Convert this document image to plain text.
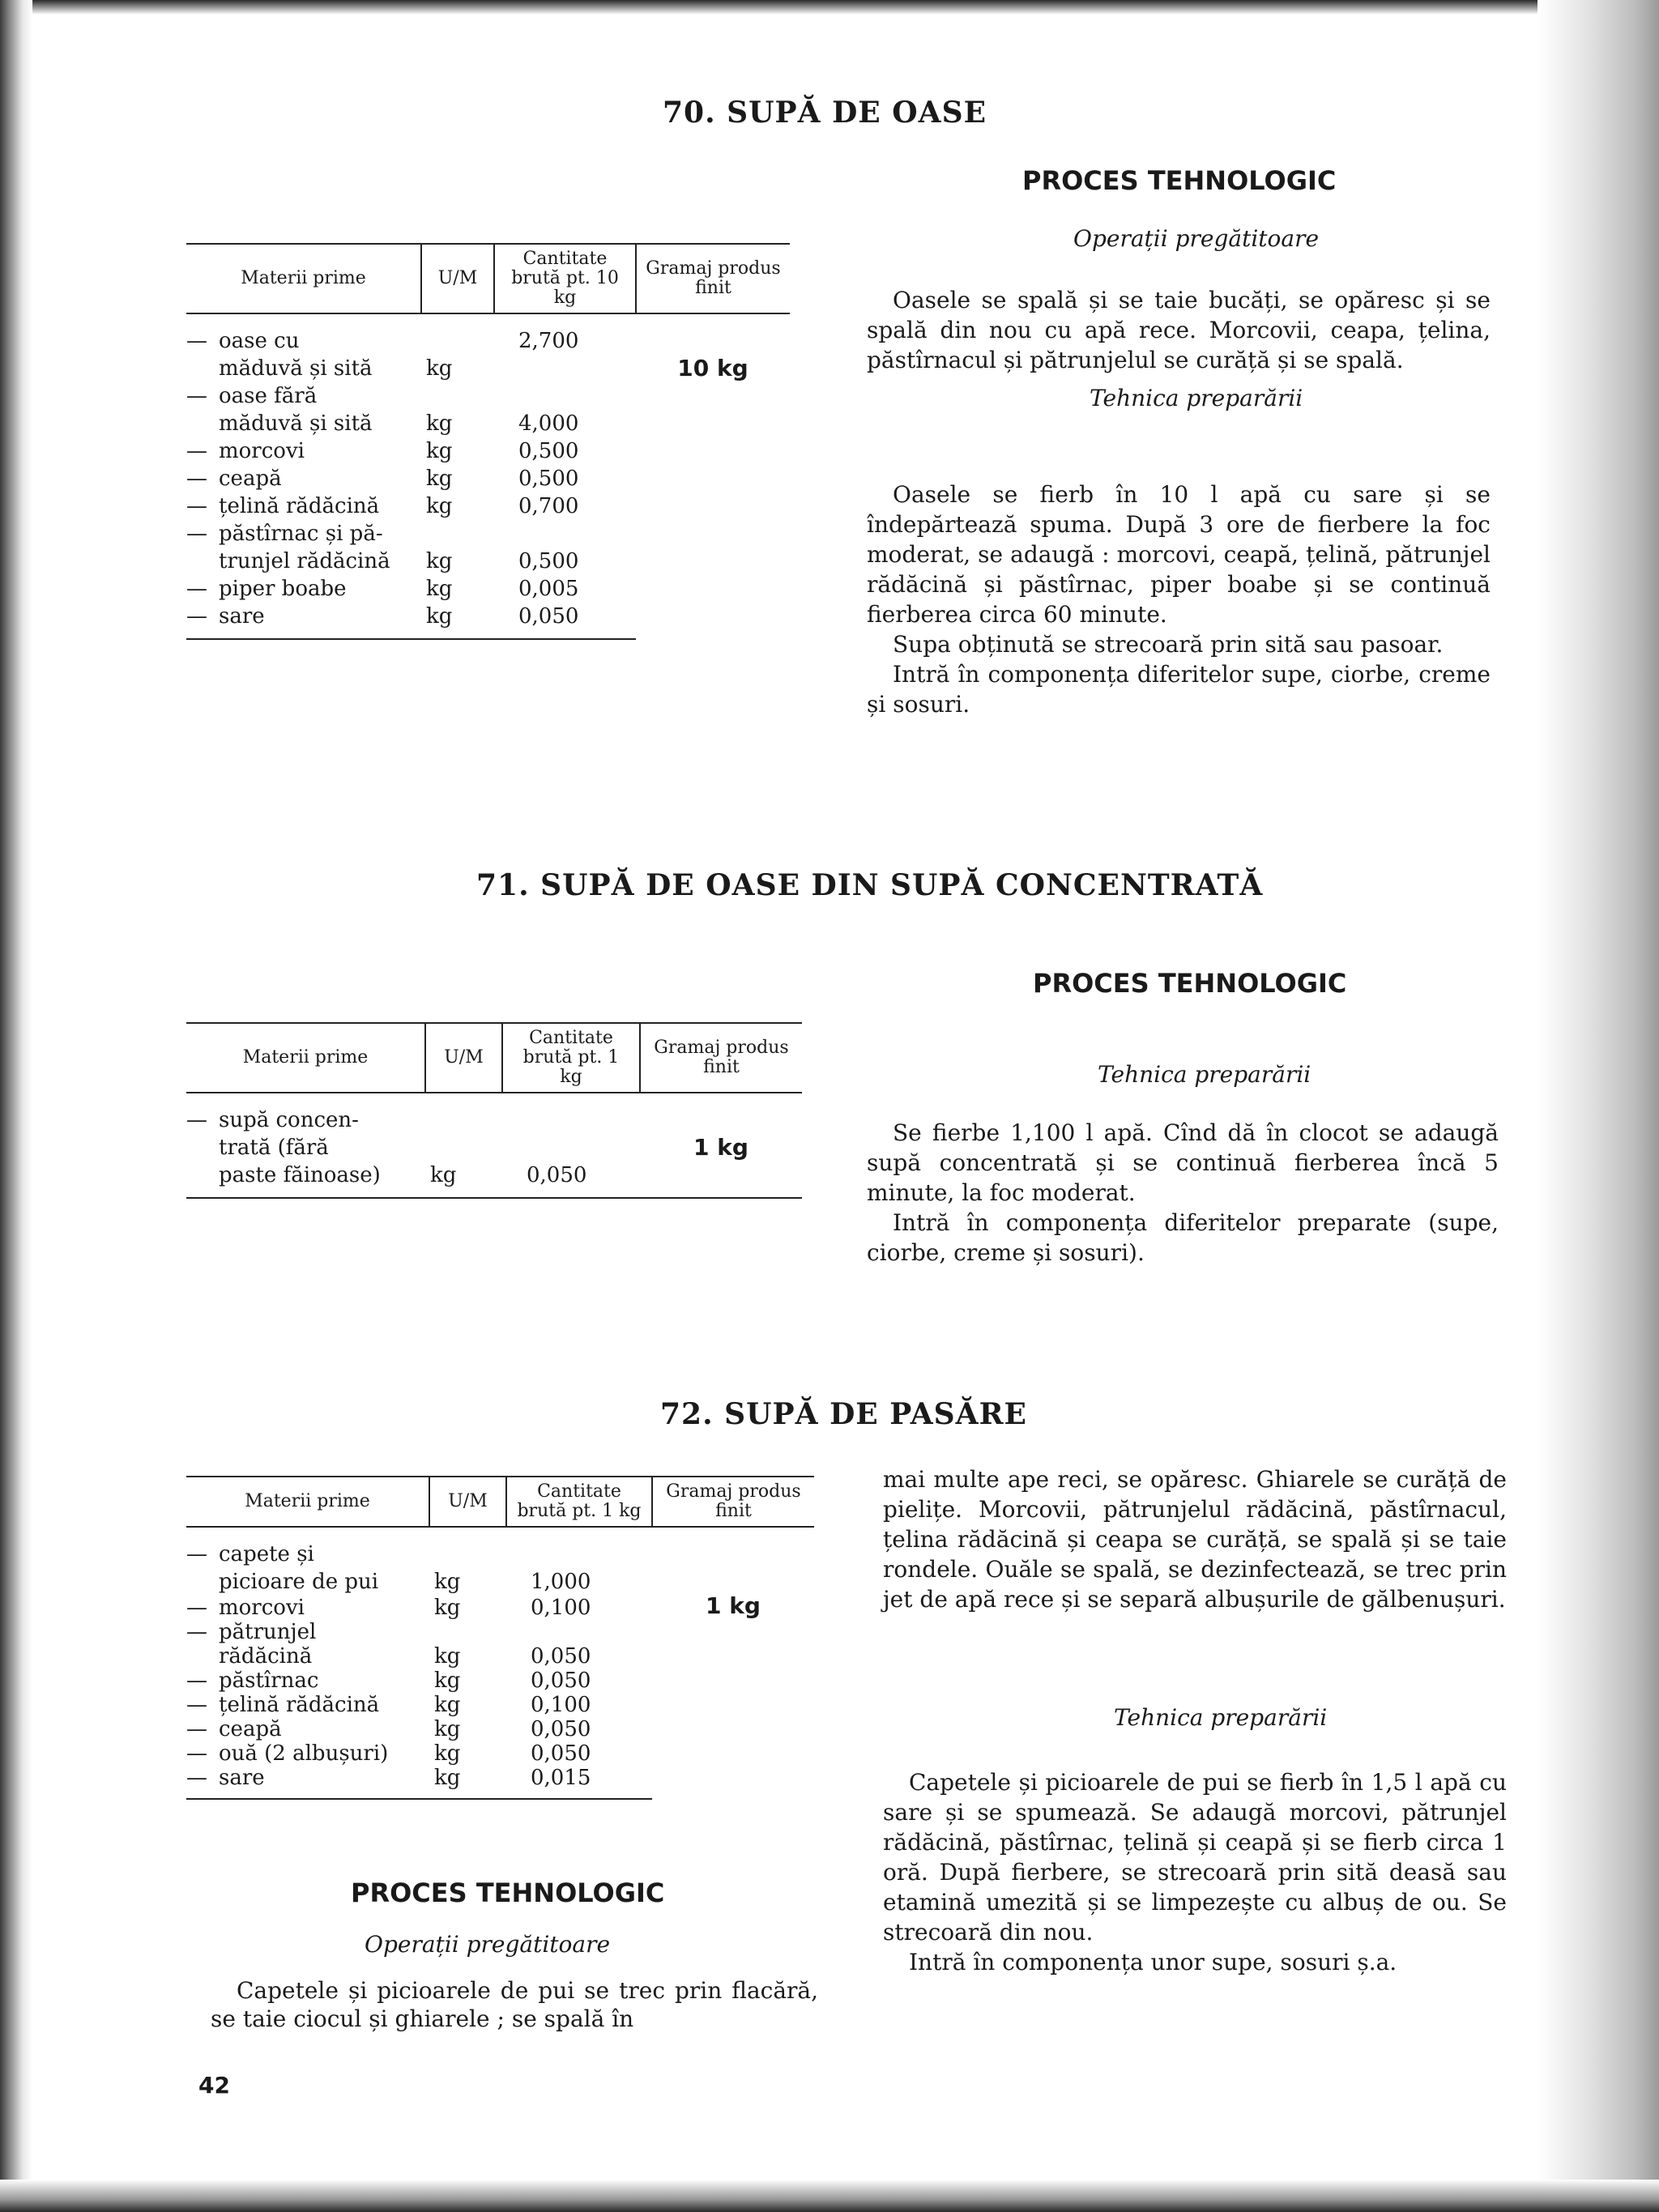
70. SUPĂ DE OASE
Materii prime	U/M	Cantitate brută pt. 10 kg	Gramaj produs finit
— oase cu
măduvă și sită	kg	2,700	10 kg
— oase fără
măduvă și sită	kg	4,000	
— morcovi	kg	0,500	
— ceapă	kg	0,500	
— țelină rădăcină	kg	0,700	
— păstîrnac și pă-
trunjel rădăcină	kg	0,500	
— piper boabe	kg	0,005	
— sare	kg	0,050	
PROCES TEHNOLOGIC
Operații pregătitoare

Oasele se spală și se taie bucăți, se opăresc și se spală din nou cu apă rece. Morcovii, ceapa, țelina, păstîrnacul și pătrunjelul se curăță și se spală.

Tehnica preparării

Oasele se fierb în 10 l apă cu sare și se îndepărtează spuma. După 3 ore de fierbere la foc moderat, se adaugă : morcovi, ceapă, țelină, pătrunjel rădăcină și păstîrnac, piper boabe și se continuă fierberea circa 60 minute.

Supa obținută se strecoară prin sită sau pasoar.

Intră în componența diferitelor supe, ciorbe, creme și sosuri.

71. SUPĂ DE OASE DIN SUPĂ CONCENTRATĂ
Materii prime	U/M	Cantitate brută pt. 1 kg	Gramaj produs finit
— supă concen-
trată (fără
paste făinoase)	kg	0,050	1 kg
PROCES TEHNOLOGIC
Tehnica preparării

Se fierbe 1,100 l apă. Cînd dă în clocot se adaugă supă concentrată și se continuă fierberea încă 5 minute, la foc moderat.

Intră în componența diferitelor preparate (supe, ciorbe, creme și sosuri).

72. SUPĂ DE PASĂRE
Materii prime	U/M	Cantitate brută pt. 1 kg	Gramaj produs finit
— capete și
picioare de pui	kg	1,000	1 kg
— morcovi	kg	0,100	
— pătrunjel
rădăcină	kg	0,050	
— păstîrnac	kg	0,050	
— țelină rădăcină	kg	0,100	
— ceapă	kg	0,050	
— ouă (2 albușuri)	kg	0,050	
— sare	kg	0,015	
PROCES TEHNOLOGIC
Operații pregătitoare

Capetele și picioarele de pui se trec prin flacără, se taie ciocul și ghiarele ; se spală în

mai multe ape reci, se opăresc. Ghiarele se curăță de pielițe. Morcovii, pătrunjelul rădăcină, păstîrnacul, țelina rădăcină și ceapa se curăță, se spală și se taie rondele. Ouăle se spală, se dezinfectează, se trec prin jet de apă rece și se separă albușurile de gălbenușuri.

Tehnica preparării

Capetele și picioarele de pui se fierb în 1,5 l apă cu sare și se spumează. Se adaugă morcovi, pătrunjel rădăcină, păstîrnac, țelină și ceapă și se fierb circa 1 oră. După fierbere, se strecoară prin sită deasă sau etamină umezită și se limpezește cu albuș de ou. Se strecoară din nou.

Intră în componența unor supe, sosuri ș.a.

42
